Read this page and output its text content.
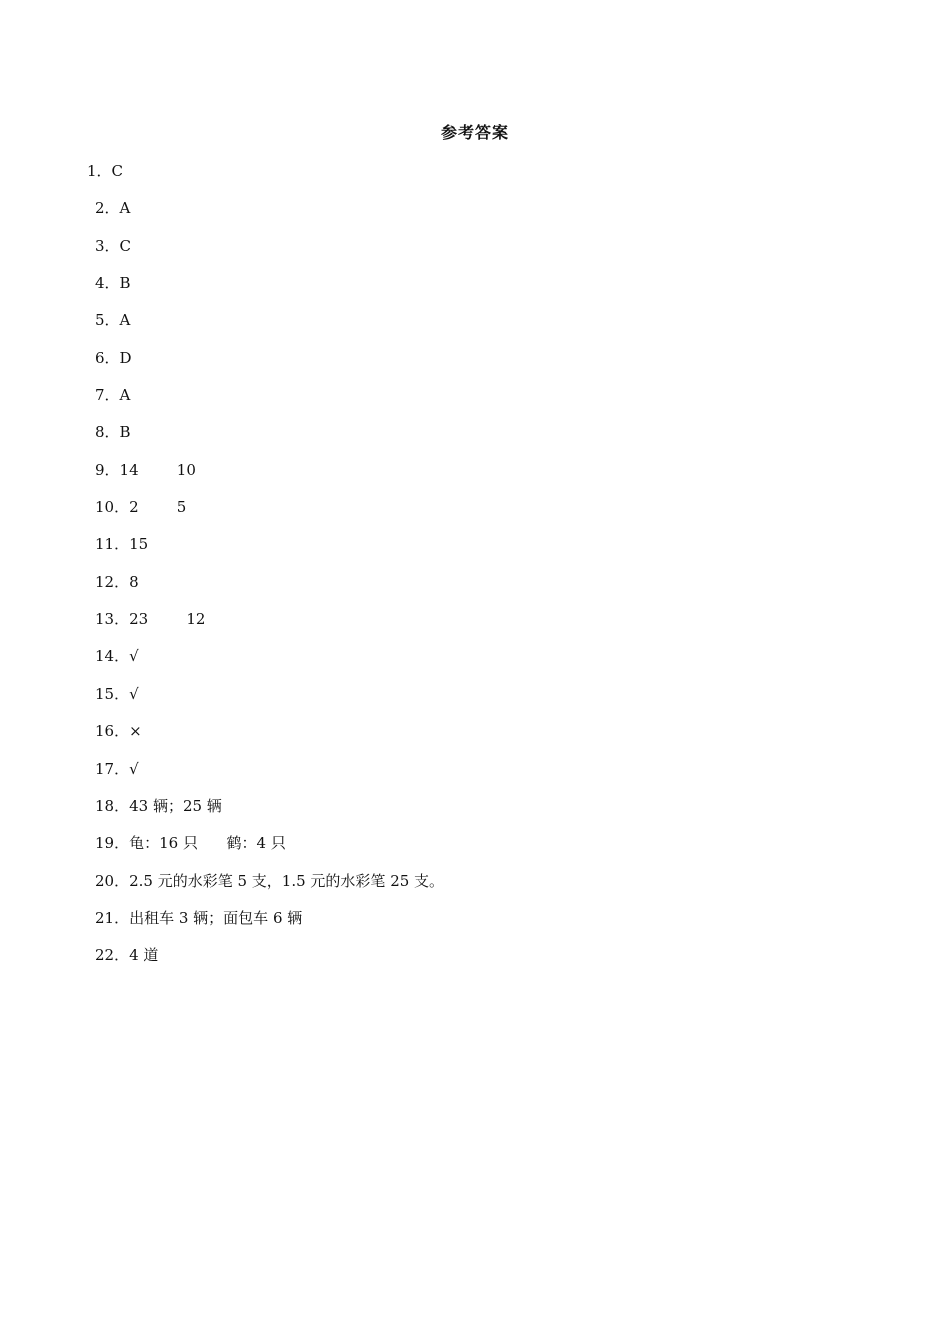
参考答案
1．C
2．A
3．C
4．B
5．A
6．D
7．A
8．B
9．14        10
10．2        5
11．15
12．8
13．23        12
14．√
15．√
16．×
17．√
18．43 辆；25 辆
19．龟：16 只      鹤：4 只
20．2.5 元的水彩笔 5 支，1.5 元的水彩笔 25 支。
21．出租车 3 辆；面包车 6 辆
22．4 道
